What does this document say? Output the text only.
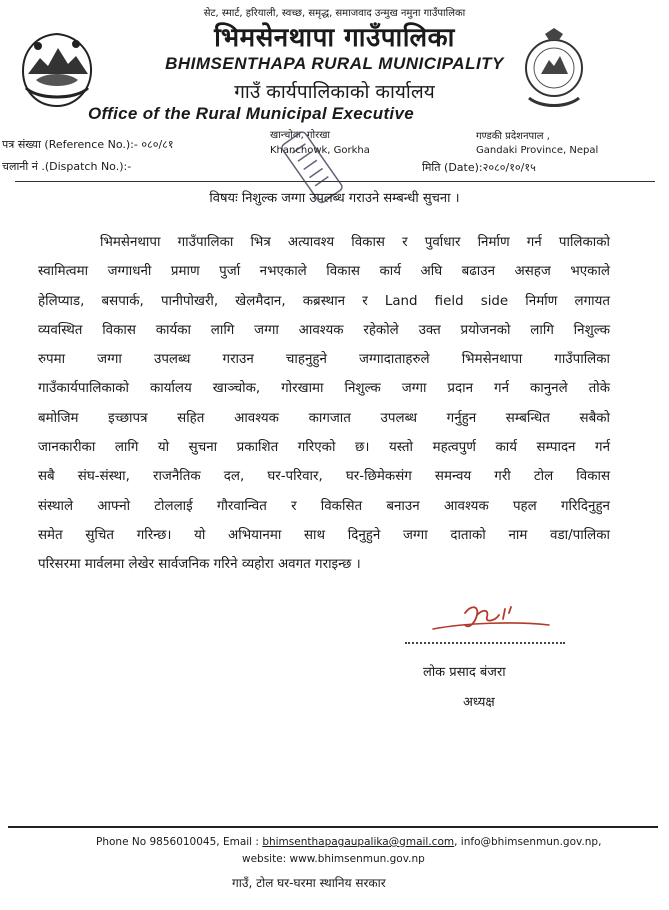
सेट, स्मार्ट, हरियाली, स्वच्छ, समृद्ध, समाजवाद उन्मुख नमुना गाउँपालिका
भिमसेनथापा गाउँपालिका
BHIMSENTHAPA RURAL MUNICIPALITY
गाउँ कार्यपालिकाको कार्यालय
Office of the Rural Municipal Executive
पत्र संख्या (Reference No.):- ०८०/८१
चलानी नं .(Dispatch No.):-
खान्चोक, गोरखा
Khanchowk, Gorkha
गण्डकी प्रदेशनपाल ,
Gandaki Province, Nepal
मिति (Date):२०८०/१०/१५
विषयः निशुल्क जग्गा उपलब्ध गराउने सम्बन्धी सुचना ।
भिमसेनथापा गाउँपालिका भित्र अत्यावश्य विकास र पुर्वाधार निर्माण गर्न पालिकाको
स्वामित्वमा जग्गाधनी प्रमाण पुर्जा नभएकाले विकास कार्य अघि बढाउन असहज भएकाले
हेलिप्याड, बसपार्क, पानीपोखरी, खेलमैदान, कब्रस्थान र Land field side निर्माण लगायत
व्यवस्थित विकास कार्यका लागि जग्गा आवश्यक रहेकोले उक्त प्रयोजनको लागि निशुल्क
रुपमा जग्गा उपलब्ध गराउन चाहनुहुने जग्गादाताहरुले भिमसेनथापा गाउँपालिका
गाउँकार्यपालिकाको कार्यालय खाञ्चोक, गोरखामा निशुल्क जग्गा प्रदान गर्न कानुनले तोके
बमोजिम इच्छापत्र सहित आवश्यक कागजात उपलब्ध गर्नुहुन सम्बन्धित सबैको
जानकारीका लागि यो सुचना प्रकाशित गरिएको छ। यस्तो महत्वपुर्ण कार्य सम्पादन गर्न
सबै संघ-संस्था, राजनैतिक दल, घर-परिवार, घर-छिमेकसंग समन्वय गरी टोल विकास
संस्थाले आफ्नो टोललाई गौरवान्वित र विकसित बनाउन आवश्यक पहल गरिदिनुहुन
समेत सुचित गरिन्छ। यो अभियानमा साथ दिनुहुने जग्गा दाताको नाम वडा/पालिका
परिसरमा मार्वलमा लेखेर सार्वजनिक गरिने व्यहोरा अवगत गराइन्छ ।
लोक प्रसाद बंजरा
अध्यक्ष
Phone No 9856010045, Email : bhimsenthapagaupalika@gmail.com, info@bhimsenmun.gov.np,
website: www.bhimsenmun.gov.np
गाउँ, टोल घर-घरमा स्थानिय सरकार
